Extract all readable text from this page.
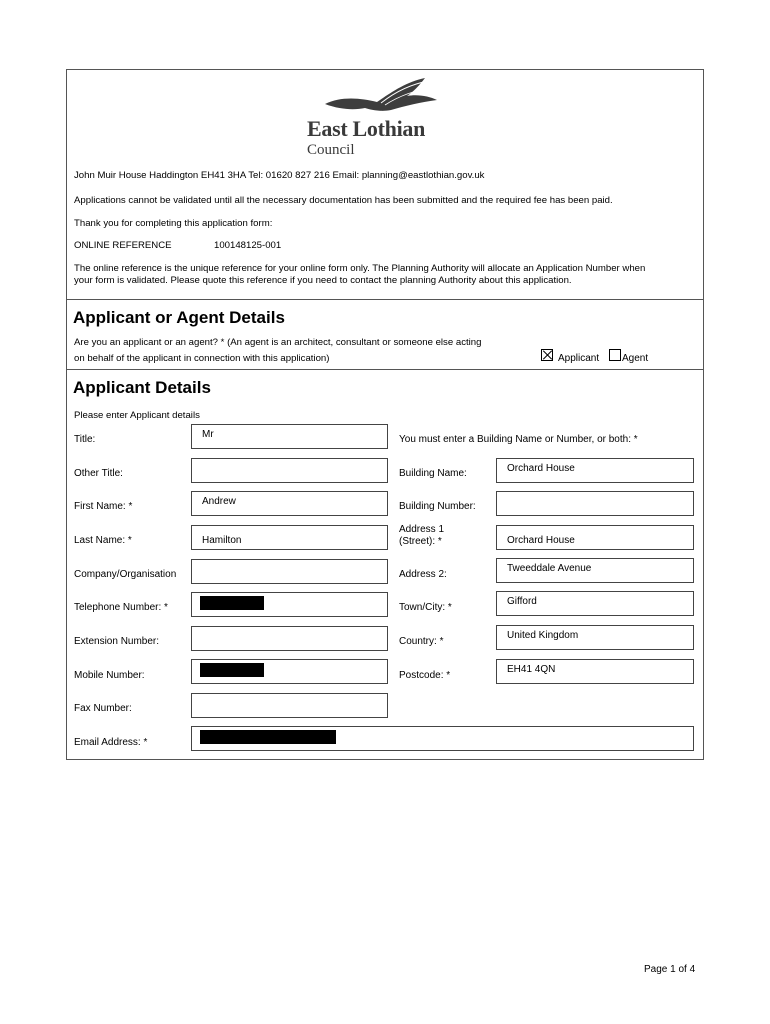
East Lothian
Council
John Muir House Haddington EH41 3HA Tel: 01620 827 216 Email: planning@eastlothian.gov.uk
Applications cannot be validated until all the necessary documentation has been submitted and the required fee has been paid.
Thank you for completing this application form:
ONLINE REFERENCE	100148125-001
The online reference is the unique reference for your online form only. The Planning Authority will allocate an Application Number when
your form is validated. Please quote this reference if you need to contact the planning Authority about this application.
Applicant or Agent Details
Are you an applicant or an agent? * (An agent is an architect, consultant or someone else acting
on behalf of the applicant in connection with this application)	Applicant Agent
Applicant Details
Please enter Applicant details
Title:	Mr
Other Title:
First Name: *	Andrew
Last Name: *	Hamilton
Company/Organisation
Telephone Number: *
Extension Number:
Mobile Number:
Fax Number:
Email Address: *
You must enter a Building Name or Number, or both: *
Building Name:	Orchard House
Building Number:
Address 1
(Street): *	Orchard House
Address 2:
Tweeddale Avenue
Town/City: *
Gifford
Country: *
United Kingdom
Postcode: *
EH41 4QN
Page 1 of 4
